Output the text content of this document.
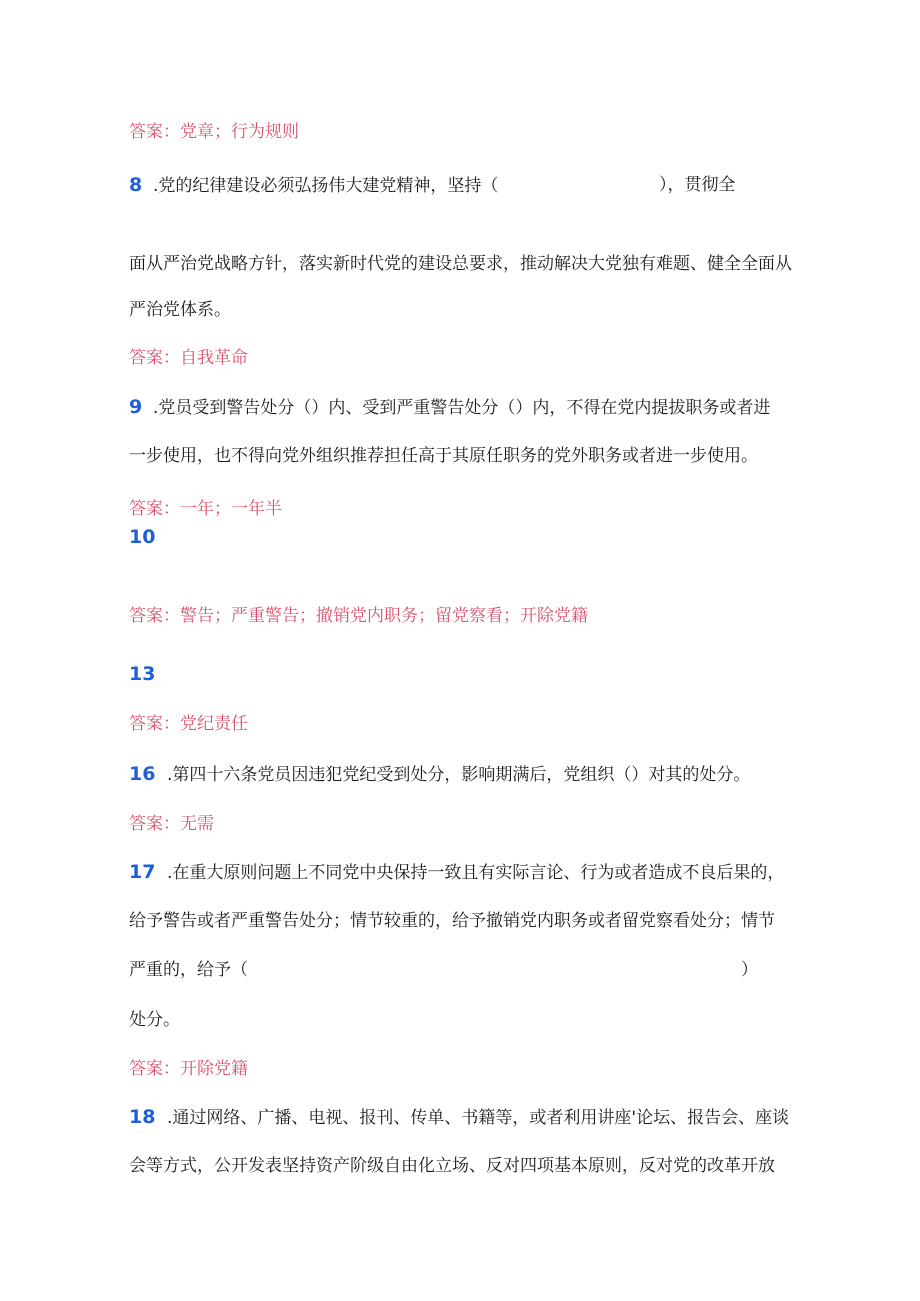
答案：党章；行为规则
8 .党的纪律建设必须弘扬伟大建党精神，坚持（	），贯彻全
面从严治党战略方针，落实新时代党的建设总要求，推动解决大党独有难题、健全全面从
严治党体系。
答案：自我革命
9 .党员受到警告处分（）内、受到严重警告处分（）内，不得在党内提拔职务或者进
一步使用，也不得向党外组织推荐担任高于其原任职务的党外职务或者进一步使用。
答案：一年；一年半
10
答案：警告；严重警告；撤销党内职务；留党察看；开除党籍
13
答案：党纪责任
16 .第四十六条党员因违犯党纪受到处分，影响期满后，党组织（）对其的处分。
答案：无需
17 .在重大原则问题上不同党中央保持一致且有实际言论、行为或者造成不良后果的，
给予警告或者严重警告处分；情节较重的，给予撤销党内职务或者留党察看处分；情节
严重的，给予（	）
处分。
答案：开除党籍
18 .通过网络、广播、电视、报刊、传单、书籍等，或者利用讲座'论坛、报告会、座谈
会等方式，公开发表坚持资产阶级自由化立场、反对四项基本原则，反对党的改革开放
